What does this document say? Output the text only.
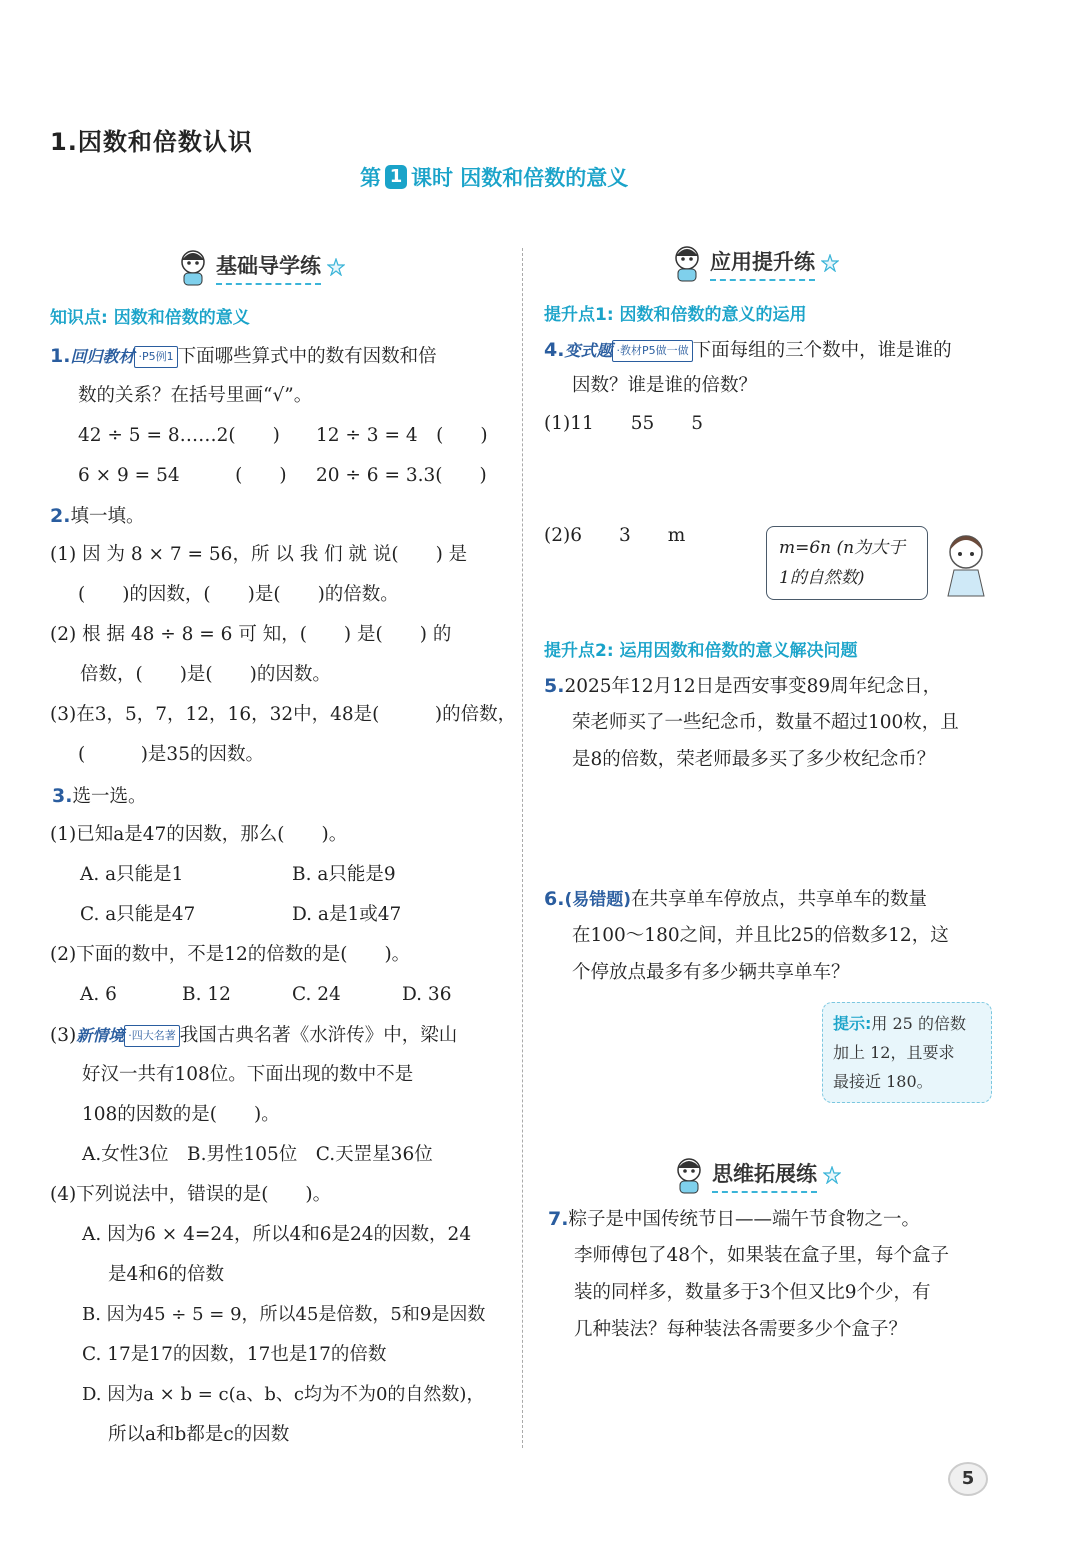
1.因数和倍数认识
第 1 课时 因数和倍数的意义
基础导学练
知识点: 因数和倍数的意义
1.回归教材 ·P5例1 下面哪些算式中的数有因数和倍
数的关系？在括号里画“√”。
42 ÷ 5 = 8……2(　　) 12 ÷ 3 = 4　(　　)
6 × 9 = 54　　　(　　) 20 ÷ 6 = 3.3(　　)
2.填一填。
(1) 因 为 8 × 7 = 56，所 以 我 们 就 说(　　) 是
(　　)的因数，(　　)是(　　)的倍数。
(2) 根 据 48 ÷ 8 = 6 可 知，(　　) 是(　　) 的
倍数，(　　)是(　　)的因数。
(3)在3，5，7，12，16，32中，48是(　　　)的倍数，
(　　　)是35的因数。
3.选一选。
(1)已知a是47的因数，那么(　　)。
A. a只能是1	B. a只能是9
C. a只能是47	D. a是1或47
(2)下面的数中，不是12的倍数的是(　　)。
A. 6	B. 12	C. 24	D. 36
(3)新情境 ·四大名著 我国古典名著《水浒传》中，梁山
好汉一共有108位。下面出现的数中不是
108的因数的是(　　)。
A.女性3位　B.男性105位　C.天罡星36位
(4)下列说法中，错误的是(　　)。
A. 因为6 × 4=24，所以4和6是24的因数，24
是4和6的倍数
B. 因为45 ÷ 5 = 9，所以45是倍数，5和9是因数
C. 17是17的因数，17也是17的倍数
D. 因为a × b = c(a、b、c均为不为0的自然数)，
所以a和b都是c的因数
应用提升练
提升点1: 因数和倍数的意义的运用
4.变式题 ·教材P5做一做 下面每组的三个数中，谁是谁的
因数？谁是谁的倍数？
(1)11　　55　　5
(2)6　　3　　m
m=6n (n为大于
1的自然数)
提升点2: 运用因数和倍数的意义解决问题
5.2025年12月12日是西安事变89周年纪念日，
荣老师买了一些纪念币，数量不超过100枚，且
是8的倍数，荣老师最多买了多少枚纪念币？
6.(易错题)在共享单车停放点，共享单车的数量
在100～180之间，并且比25的倍数多12，这
个停放点最多有多少辆共享单车？
提示:用 25 的倍数
加上 12，且要求
最接近 180。
思维拓展练
7.粽子是中国传统节日——端午节食物之一。
李师傅包了48个，如果装在盒子里，每个盒子
装的同样多，数量多于3个但又比9个少，有
几种装法？每种装法各需要多少个盒子？
5
